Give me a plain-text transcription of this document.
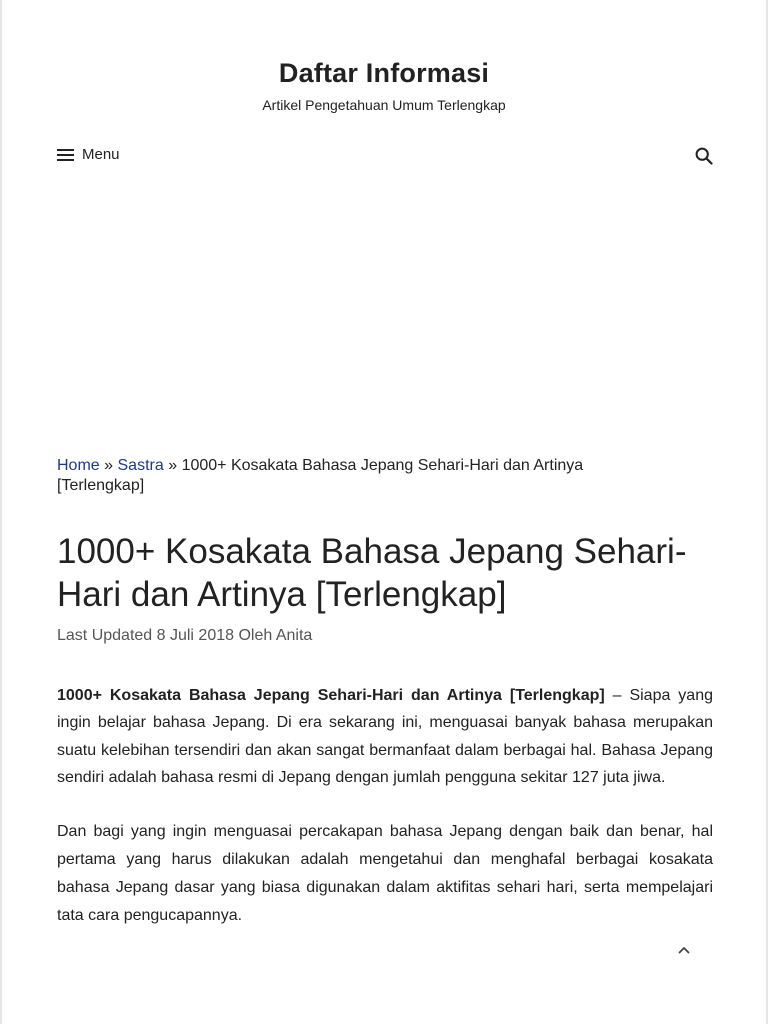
Daftar Informasi
Artikel Pengetahuan Umum Terlengkap
Menu
Home » Sastra » 1000+ Kosakata Bahasa Jepang Sehari-Hari dan Artinya [Terlengkap]
1000+ Kosakata Bahasa Jepang Sehari-Hari dan Artinya [Terlengkap]
Last Updated 8 Juli 2018 Oleh Anita

1000+ Kosakata Bahasa Jepang Sehari-Hari dan Artinya [Terlengkap] – Siapa yang ingin belajar bahasa Jepang. Di era sekarang ini, menguasai banyak bahasa merupakan suatu kelebihan tersendiri dan akan sangat bermanfaat dalam berbagai hal. Bahasa Jepang sendiri adalah bahasa resmi di Jepang dengan jumlah pengguna sekitar 127 juta jiwa.

Dan bagi yang ingin menguasai percakapan bahasa Jepang dengan baik dan benar, hal pertama yang harus dilakukan adalah mengetahui dan menghafal berbagai kosakata bahasa Jepang dasar yang biasa digunakan dalam aktifitas sehari hari, serta mempelajari tata cara pengucapannya.
